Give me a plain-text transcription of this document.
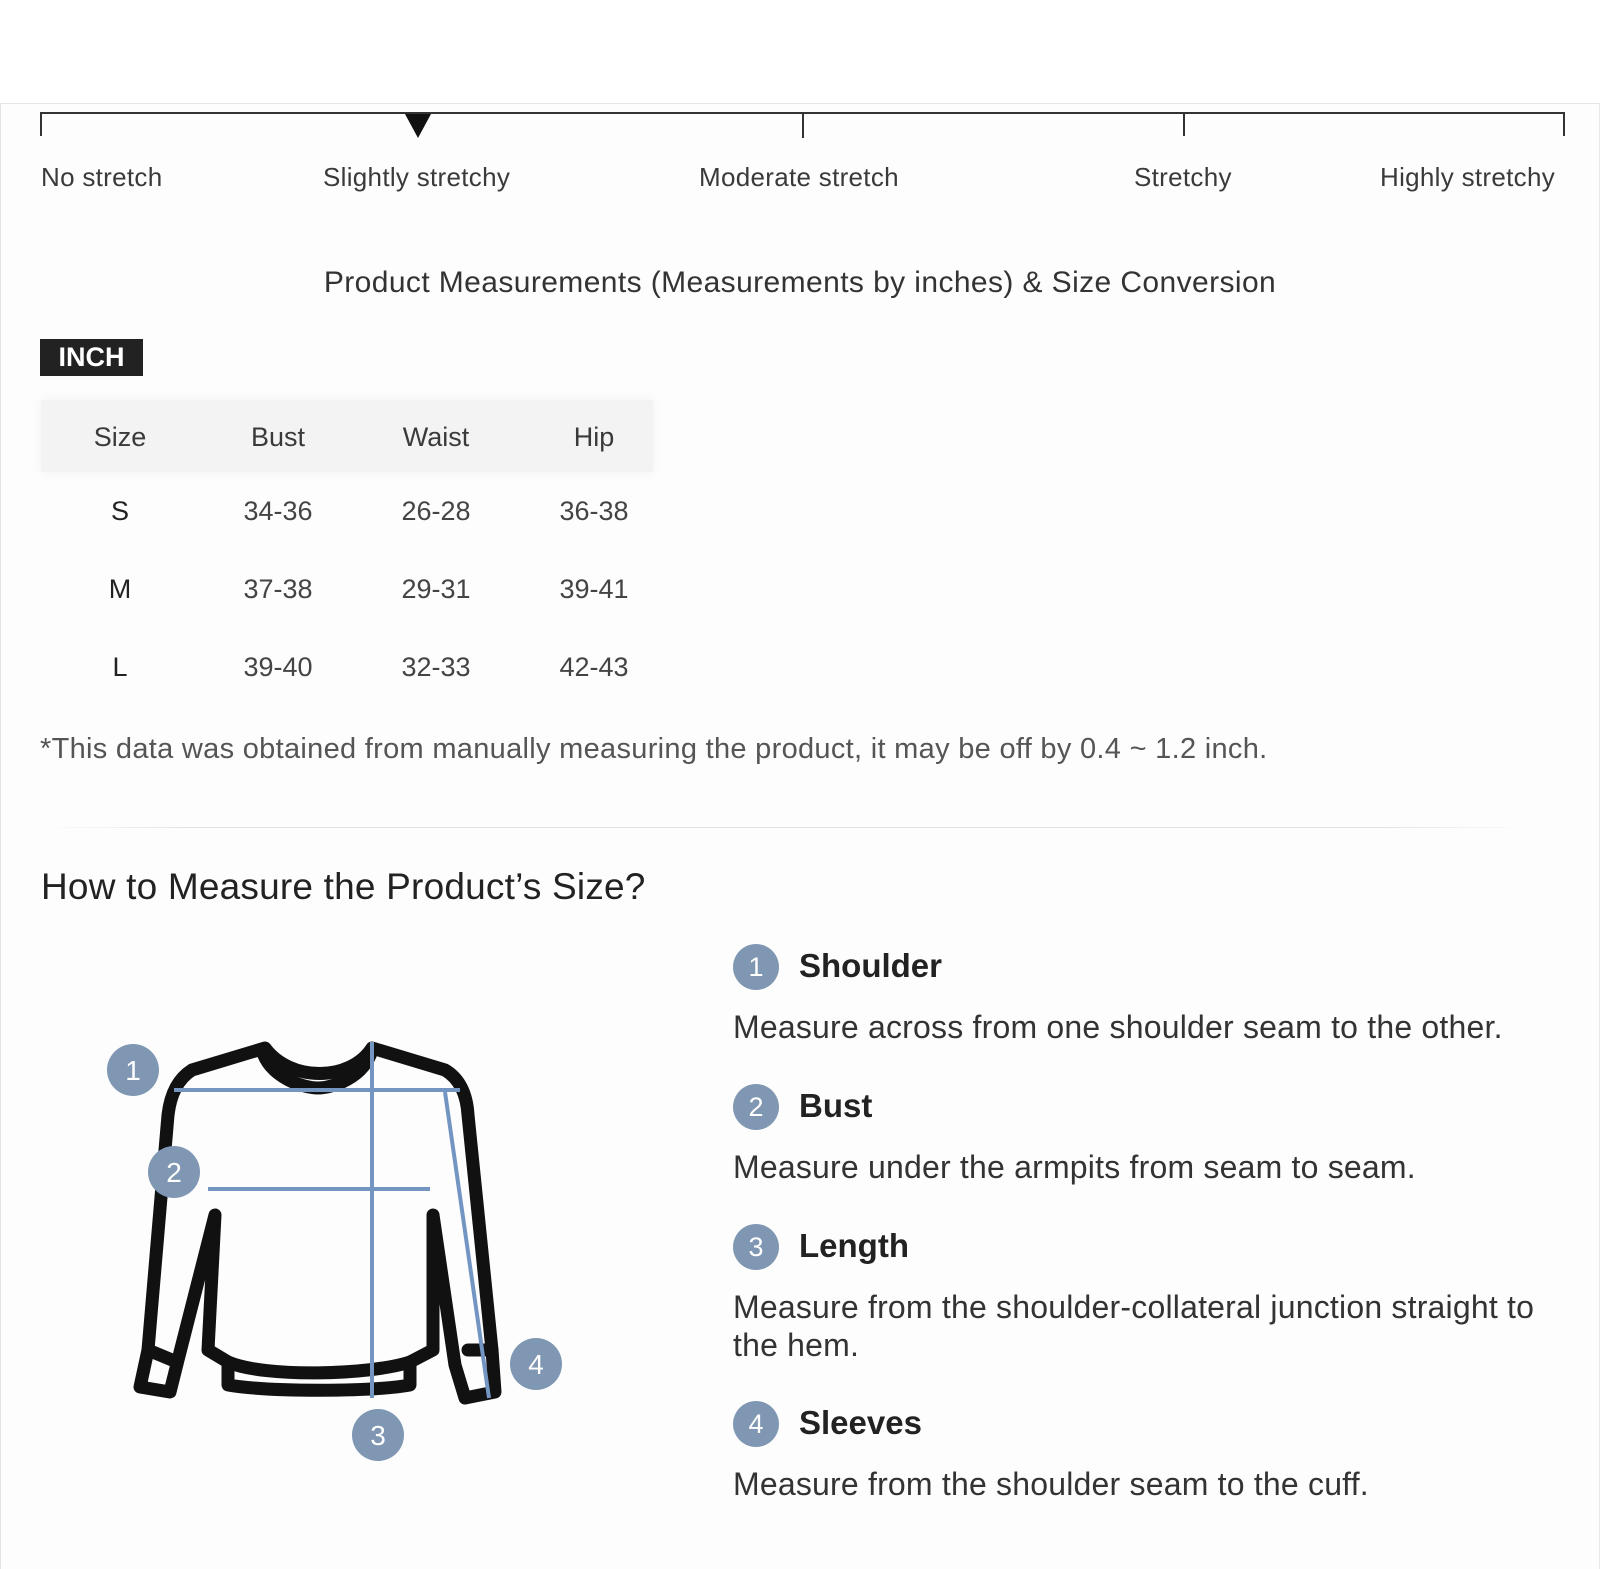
No stretch	Slightly stretchy	Moderate stretch	Stretchy	Highly stretchy
Product Measurements (Measurements by inches) & Size Conversion
INCH
Size	Bust	Waist	Hip
S	34-36	26-28	36-38
M	37-38	29-31	39-41
L	39-40	32-33	42-43
*This data was obtained from manually measuring the product, it may be off by 0.4 ~ 1.2 inch.
How to Measure the Product’s Size?
1
2
3
4
1	Shoulder
Measure across from one shoulder seam to the other.
2	Bust
Measure under the armpits from seam to seam.
3	Length
Measure from the shoulder-collateral junction straight to the hem.
4	Sleeves
Measure from the shoulder seam to the cuff.
